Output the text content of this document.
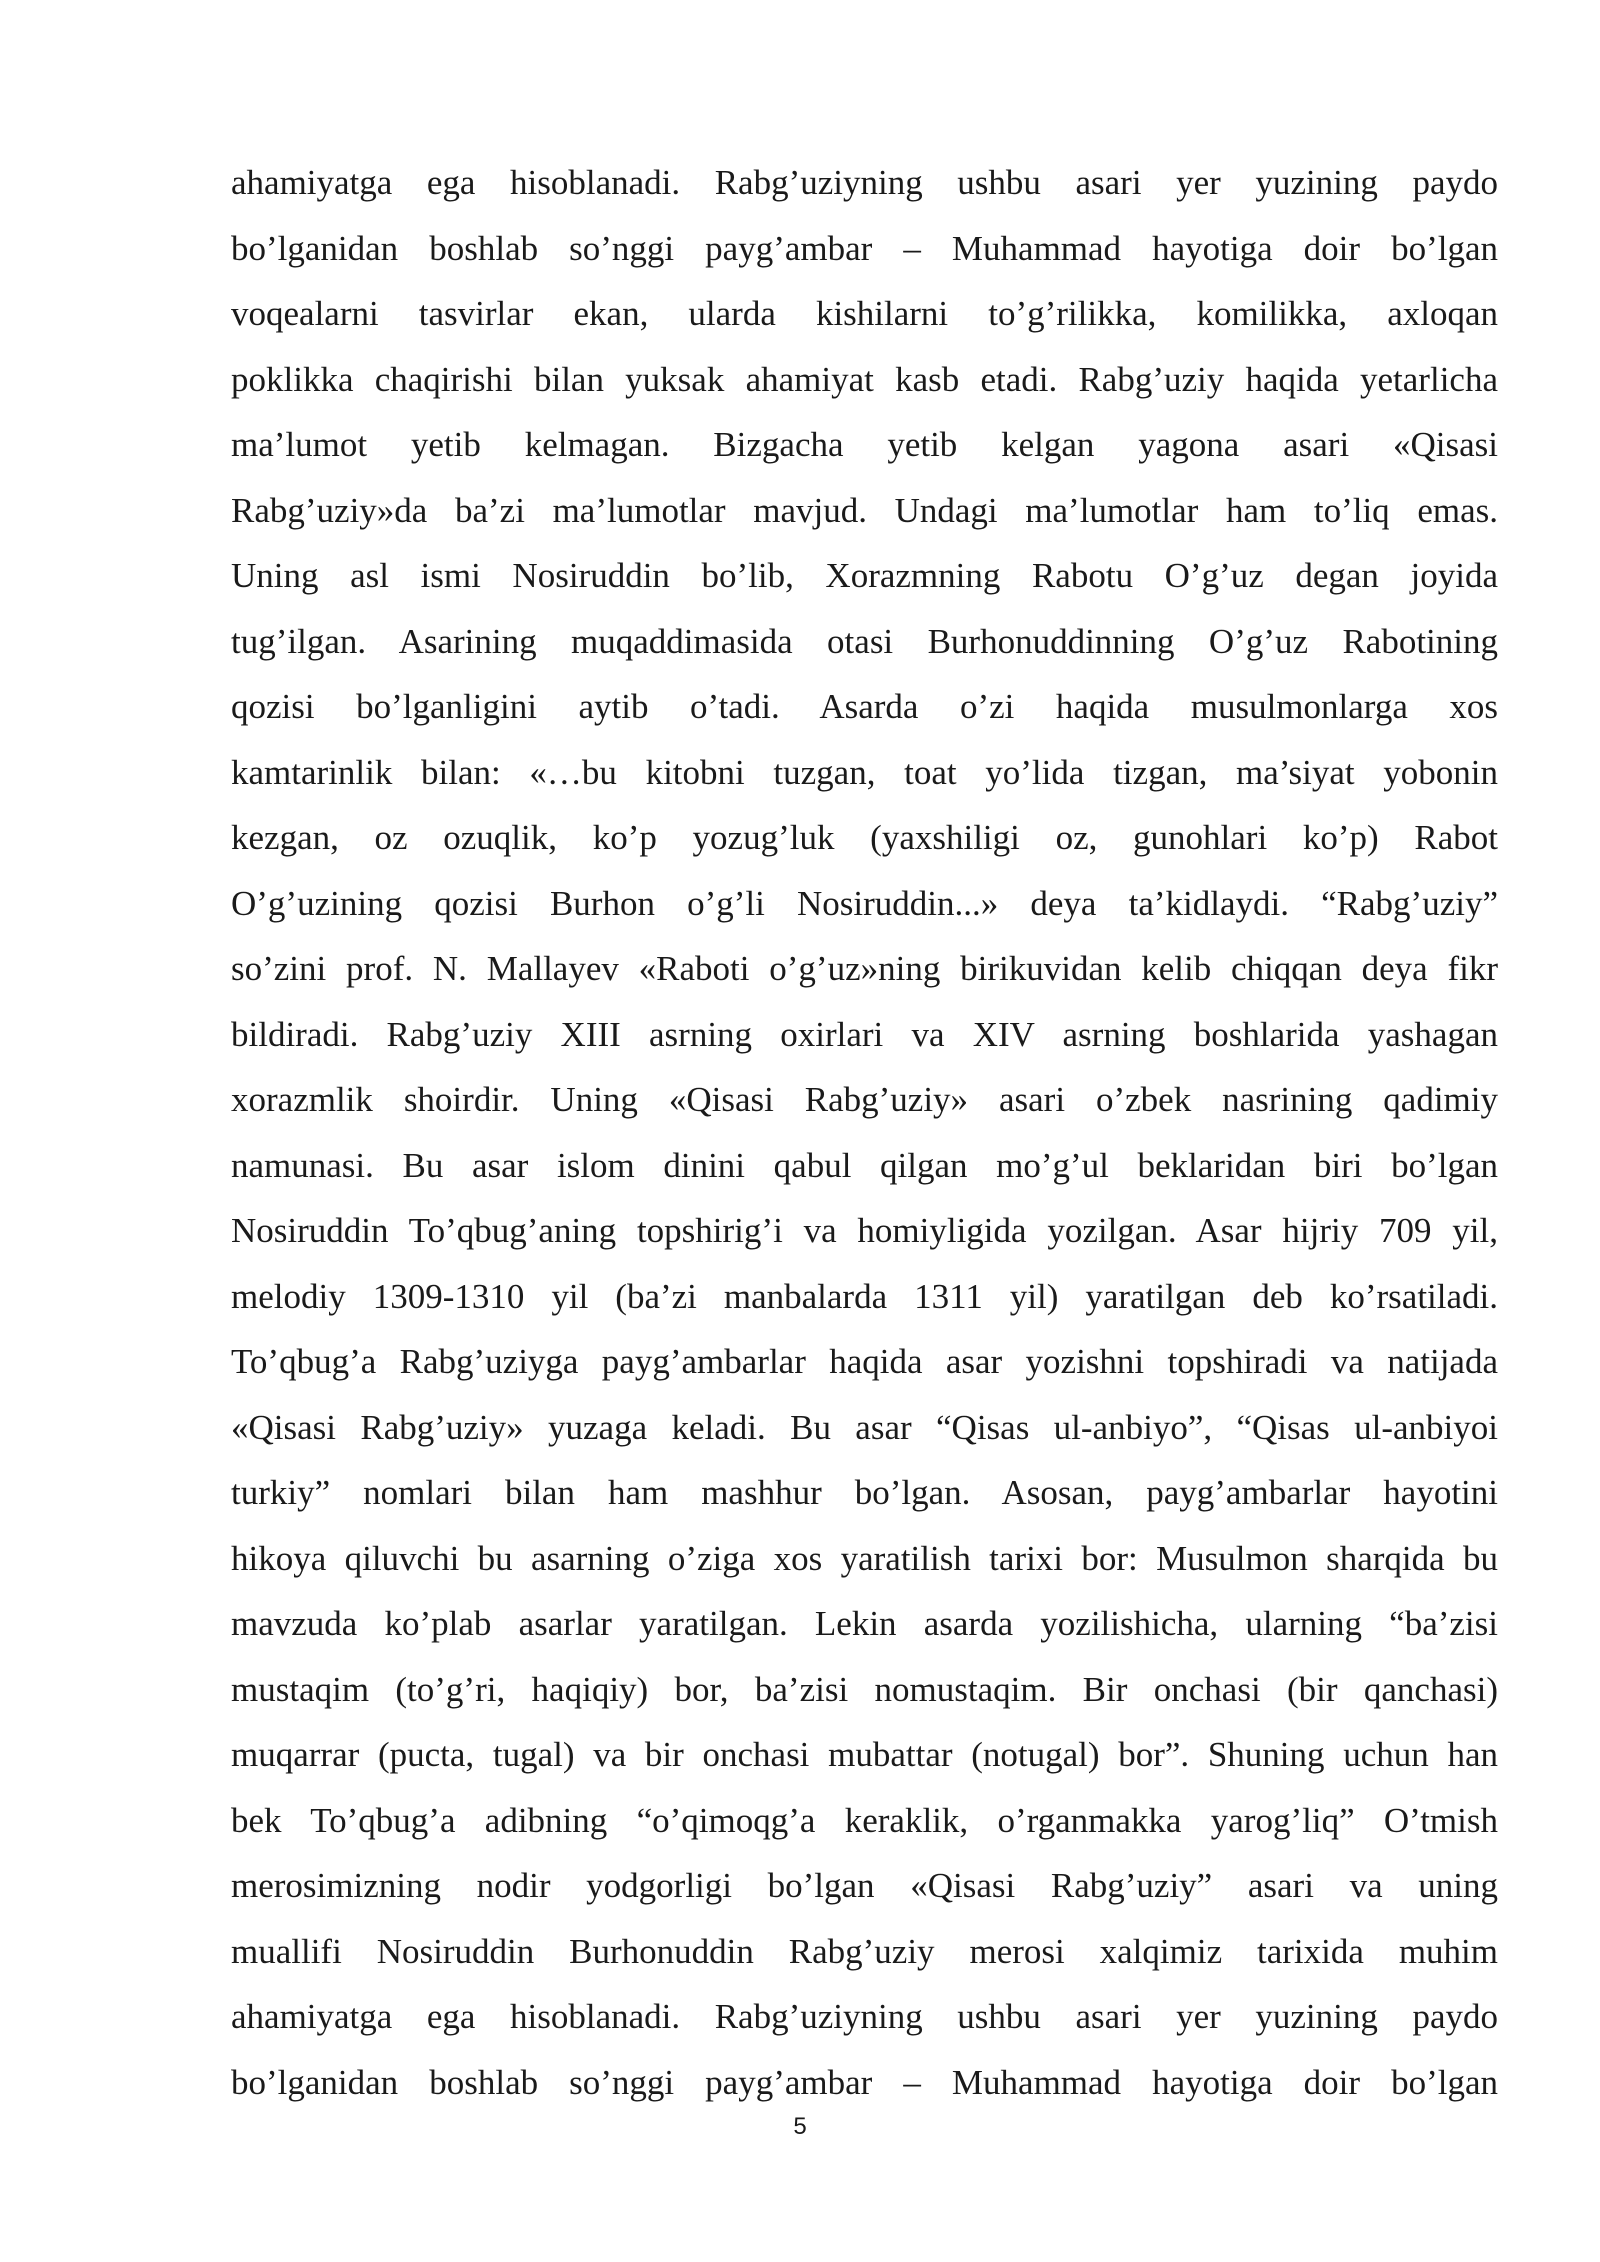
ahamiyatga ega hisoblanadi. Rabg’uziyning ushbu asari yer yuzining paydo
bo’lganidan boshlab so’nggi payg’ambar – Muhammad hayotiga doir bo’lgan
voqealarni tasvirlar ekan, ularda kishilarni to’g’rilikka, komilikka, axloqan
poklikka chaqirishi bilan yuksak ahamiyat kasb etadi. Rabg’uziy haqida yetarlicha
ma’lumot yetib kelmagan. Bizgacha yetib kelgan yagona asari «Qisasi
Rabg’uziy»da ba’zi ma’lumotlar mavjud. Undagi ma’lumotlar ham to’liq emas.
Uning asl ismi Nosiruddin bo’lib, Xorazmning Rabotu O’g’uz degan joyida
tug’ilgan. Asarining muqaddimasida otasi Burhonuddinning O’g’uz Rabotining
qozisi bo’lganligini aytib o’tadi. Asarda o’zi haqida musulmonlarga xos
kamtarinlik bilan: «…bu kitobni tuzgan, toat yo’lida tizgan, ma’siyat yobonin
kezgan, oz ozuqlik, ko’p yozug’luk (yaxshiligi oz, gunohlari ko’p) Rabot
O’g’uzining qozisi Burhon o’g’li Nosiruddin...» deya ta’kidlaydi. “Rabg’uziy”
so’zini prof. N. Mallayev «Raboti o’g’uz»ning birikuvidan kelib chiqqan deya fikr
bildiradi. Rabg’uziy XIII asrning oxirlari va XIV asrning boshlarida yashagan
xorazmlik shoirdir. Uning «Qisasi Rabg’uziy» asari o’zbek nasrining qadimiy
namunasi. Bu asar islom dinini qabul qilgan mo’g’ul beklaridan biri bo’lgan
Nosiruddin To’qbug’aning topshirig’i va homiyligida yozilgan. Asar hijriy 709 yil,
melodiy 1309-1310 yil (ba’zi manbalarda 1311 yil) yaratilgan deb ko’rsatiladi.
To’qbug’a Rabg’uziyga payg’ambarlar haqida asar yozishni topshiradi va natijada
«Qisasi Rabg’uziy» yuzaga keladi. Bu asar “Qisas ul-anbiyo”, “Qisas ul-anbiyoi
turkiy” nomlari bilan ham mashhur bo’lgan. Asosan, payg’ambarlar hayotini
hikoya qiluvchi bu asarning o’ziga xos yaratilish tarixi bor: Musulmon sharqida bu
mavzuda ko’plab asarlar yaratilgan. Lekin asarda yozilishicha, ularning “ba’zisi
mustaqim (to’g’ri, haqiqiy) bor, ba’zisi nomustaqim. Bir onchasi (bir qanchasi)
muqarrar (pucta, tugal) va bir onchasi mubattar (notugal) bor”. Shuning uchun han
bek To’qbug’a adibning “o’qimoqg’a keraklik, o’rganmakka yarog’liq” O’tmish
merosimizning nodir yodgorligi bo’lgan «Qisasi Rabg’uziy” asari va uning
muallifi Nosiruddin Burhonuddin Rabg’uziy merosi xalqimiz tarixida muhim
ahamiyatga ega hisoblanadi. Rabg’uziyning ushbu asari yer yuzining paydo
bo’lganidan boshlab so’nggi payg’ambar – Muhammad hayotiga doir bo’lgan
5
